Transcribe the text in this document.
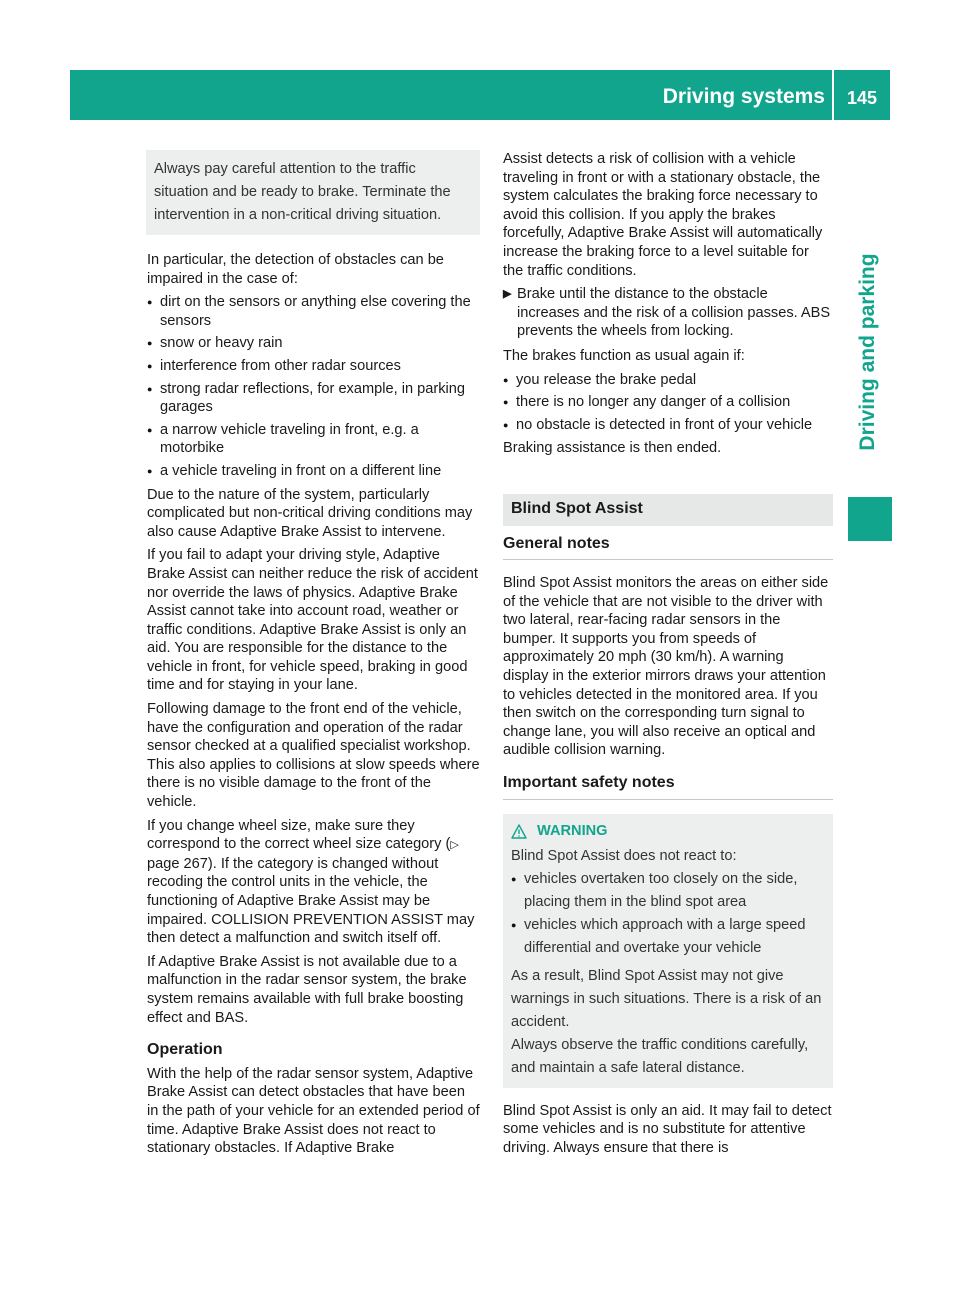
Driving systems	145
Driving and parking
Always pay careful attention to the traffic situation and be ready to brake. Terminate the intervention in a non-critical driving situation.

In particular, the detection of obstacles can be impaired in the case of:

● dirt on the sensors or anything else covering the sensors
● snow or heavy rain
● interference from other radar sources
● strong radar reflections, for example, in parking garages
● a narrow vehicle traveling in front, e.g. a motorbike
● a vehicle traveling in front on a different line

Due to the nature of the system, particularly complicated but non-critical driving conditions may also cause Adaptive Brake Assist to intervene.

If you fail to adapt your driving style, Adaptive Brake Assist can neither reduce the risk of accident nor override the laws of physics. Adaptive Brake Assist cannot take into account road, weather or traffic conditions. Adaptive Brake Assist is only an aid. You are responsible for the distance to the vehicle in front, for vehicle speed, braking in good time and for staying in your lane.

Following damage to the front end of the vehicle, have the configuration and operation of the radar sensor checked at a qualified specialist workshop. This also applies to collisions at slow speeds where there is no visible damage to the front of the vehicle.

If you change wheel size, make sure they correspond to the correct wheel size category (▷ page 267). If the category is changed without recoding the control units in the vehicle, the functioning of Adaptive Brake Assist may be impaired. COLLISION PREVENTION ASSIST may then detect a malfunction and switch itself off.

If Adaptive Brake Assist is not available due to a malfunction in the radar sensor system, the brake system remains available with full brake boosting effect and BAS.

Operation

With the help of the radar sensor system, Adaptive Brake Assist can detect obstacles that have been in the path of your vehicle for an extended period of time. Adaptive Brake Assist does not react to stationary obstacles. If Adaptive Brake

Assist detects a risk of collision with a vehicle traveling in front or with a stationary obstacle, the system calculates the braking force necessary to avoid this collision. If you apply the brakes forcefully, Adaptive Brake Assist will automatically increase the braking force to a level suitable for the traffic conditions.

▶ Brake until the distance to the obstacle increases and the risk of a collision passes. ABS prevents the wheels from locking.

The brakes function as usual again if:

● you release the brake pedal
● there is no longer any danger of a collision
● no obstacle is detected in front of your vehicle

Braking assistance is then ended.

Blind Spot Assist
General notes

Blind Spot Assist monitors the areas on either side of the vehicle that are not visible to the driver with two lateral, rear-facing radar sensors in the bumper. It supports you from speeds of approximately 20 mph (30 km/h). A warning display in the exterior mirrors draws your attention to vehicles detected in the monitored area. If you then switch on the corresponding turn signal to change lane, you will also receive an optical and audible collision warning.

Important safety notes
WARNING

Blind Spot Assist does not react to:

● vehicles overtaken too closely on the side, placing them in the blind spot area
● vehicles which approach with a large speed differential and overtake your vehicle

As a result, Blind Spot Assist may not give warnings in such situations. There is a risk of an accident.

Always observe the traffic conditions carefully, and maintain a safe lateral distance.

Blind Spot Assist is only an aid. It may fail to detect some vehicles and is no substitute for attentive driving. Always ensure that there is
